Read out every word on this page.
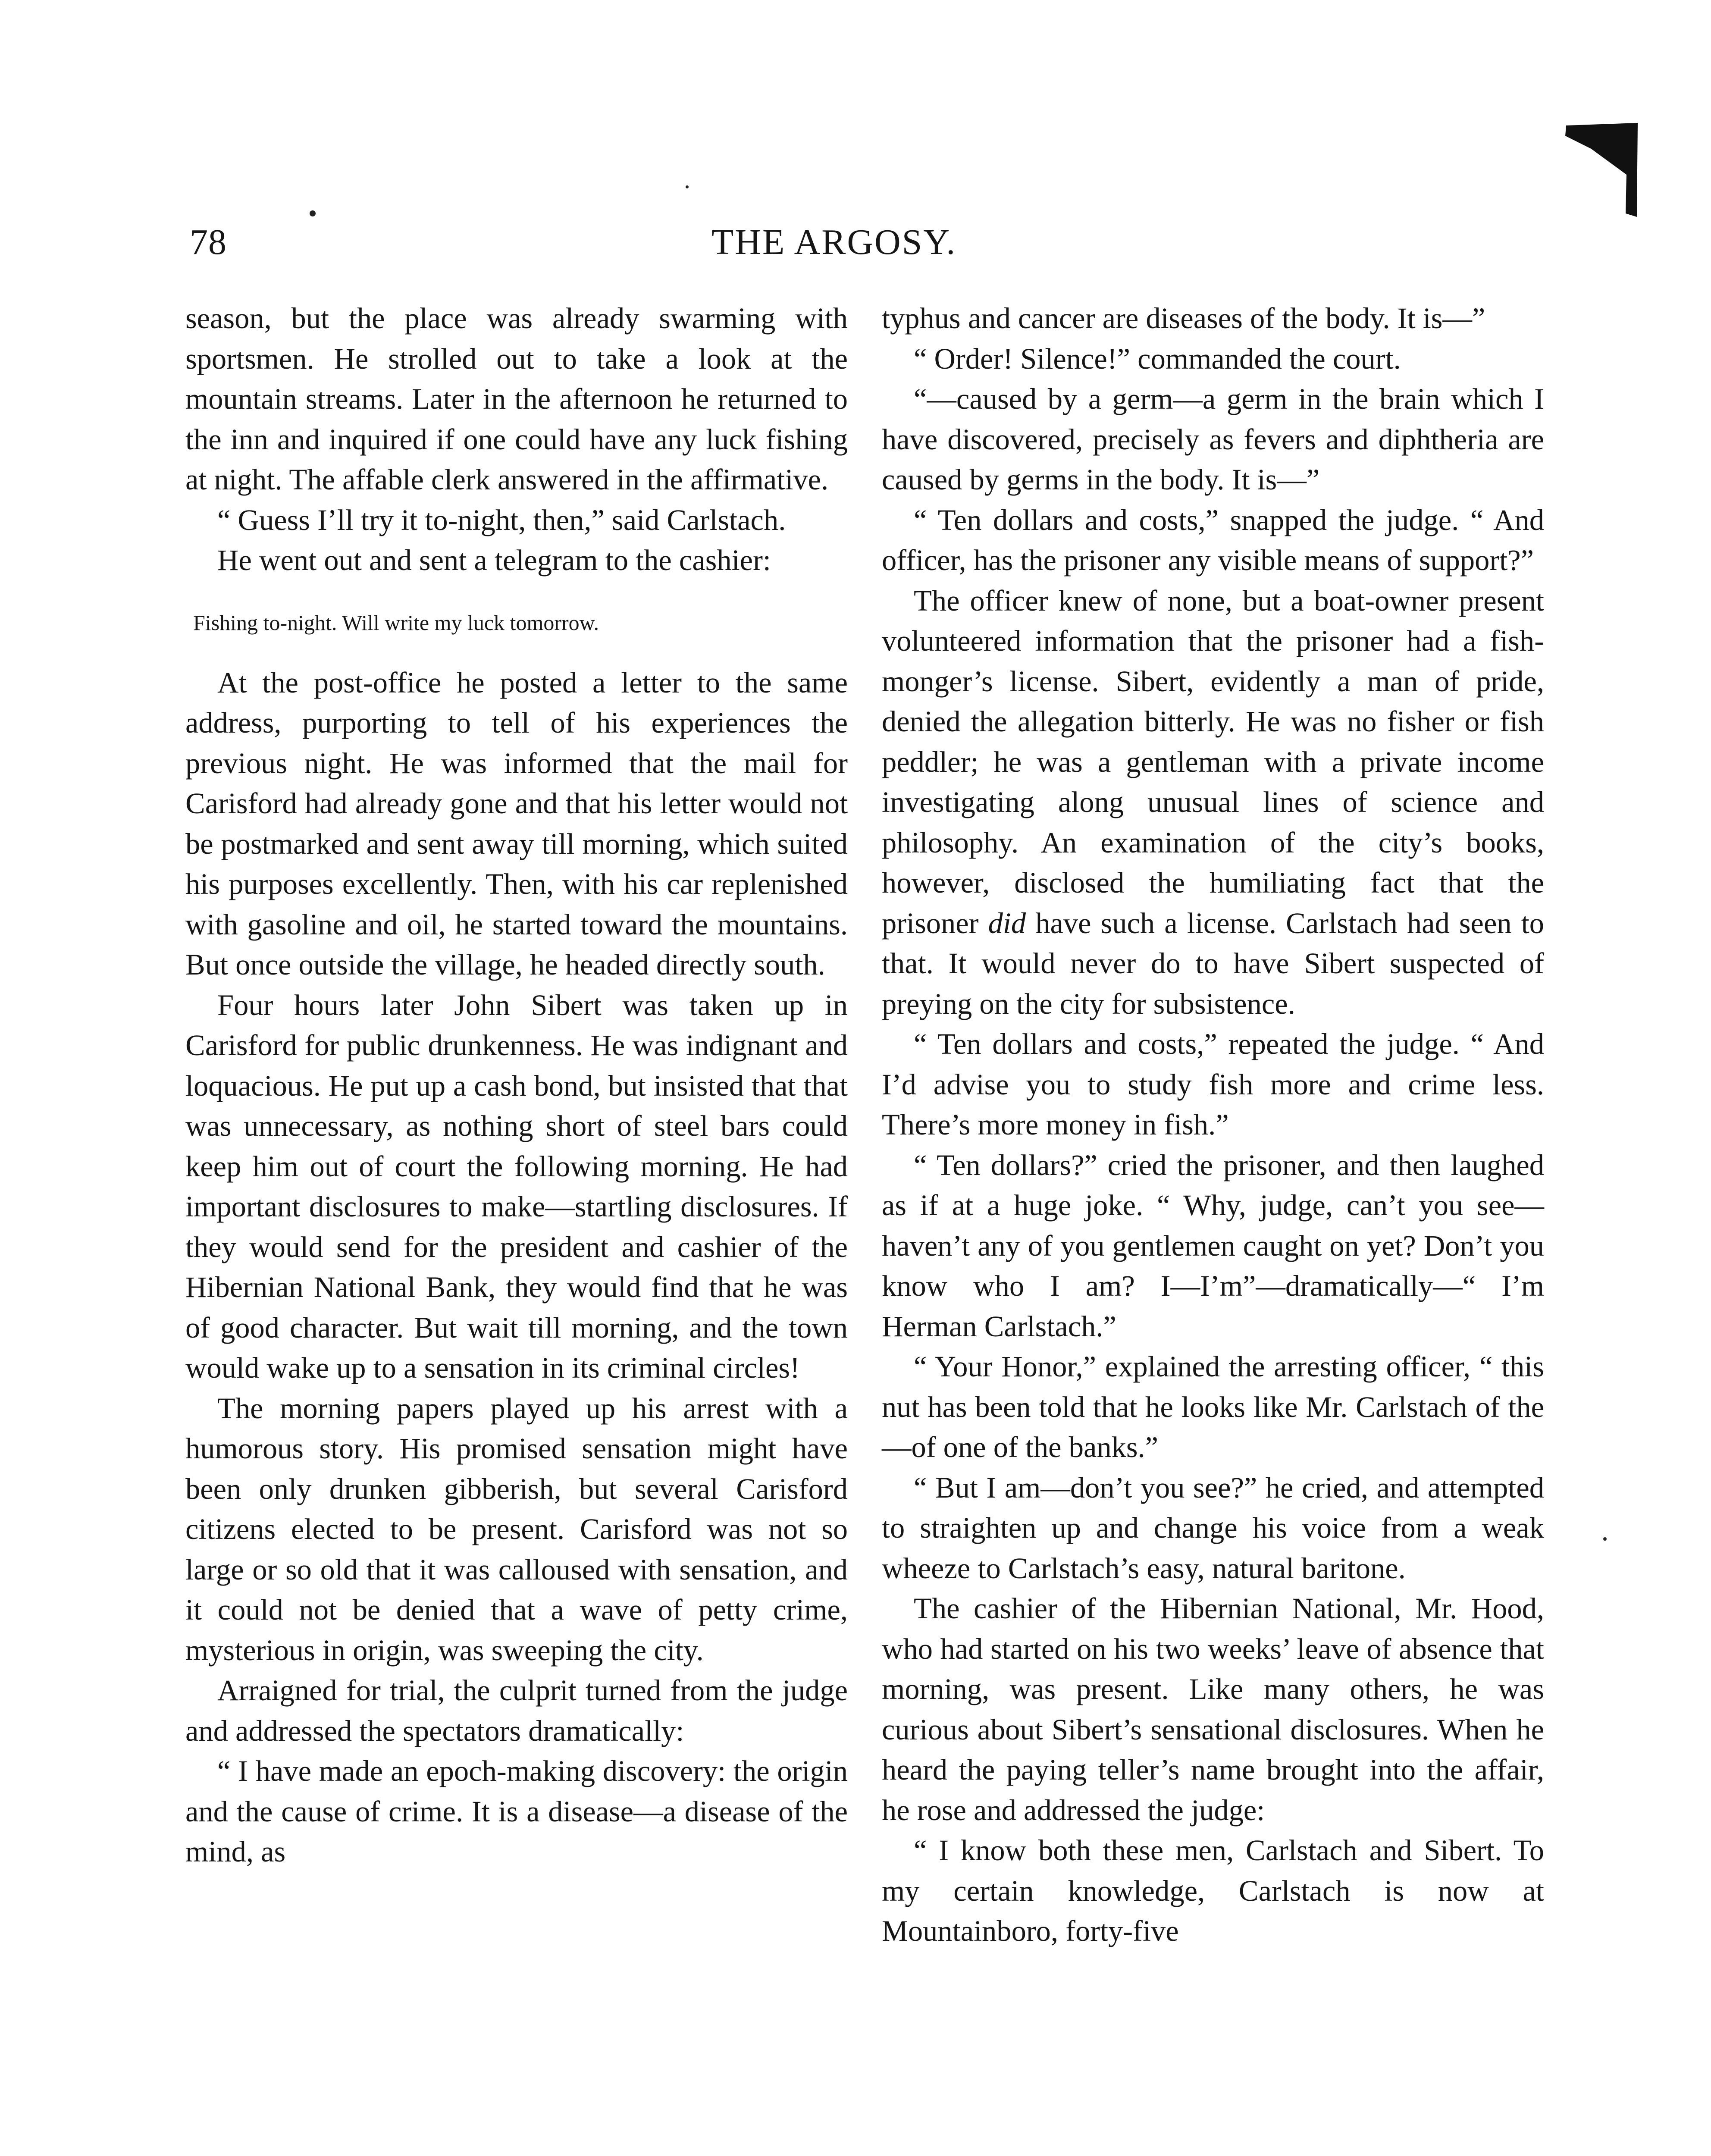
78	THE ARGOSY.

season, but the place was already swarming with sportsmen. He strolled out to take a look at the mountain streams. Later in the afternoon he returned to the inn and inquired if one could have any luck fishing at night. The affable clerk answered in the affirmative.

“ Guess I’ll try it to-night, then,” said Carlstach.

He went out and sent a telegram to the cashier:

Fishing to-night. Will write my luck tomorrow.

At the post-office he posted a letter to the same address, purporting to tell of his experiences the previous night. He was informed that the mail for Carisford had already gone and that his letter would not be postmarked and sent away till morning, which suited his purposes excellently. Then, with his car replenished with gasoline and oil, he started toward the mountains. But once outside the village, he headed directly south.

Four hours later John Sibert was taken up in Carisford for public drunkenness. He was indignant and loquacious. He put up a cash bond, but insisted that that was unnecessary, as nothing short of steel bars could keep him out of court the following morning. He had important disclosures to make—startling disclosures. If they would send for the president and cashier of the Hibernian National Bank, they would find that he was of good character. But wait till morning, and the town would wake up to a sensation in its criminal circles!

The morning papers played up his arrest with a humorous story. His promised sensation might have been only drunken gibberish, but several Carisford citizens elected to be present. Carisford was not so large or so old that it was calloused with sensation, and it could not be denied that a wave of petty crime, mysterious in origin, was sweeping the city.

Arraigned for trial, the culprit turned from the judge and addressed the spectators dramatically:

“ I have made an epoch-making discovery: the origin and the cause of crime. It is a disease—a disease of the mind, as

typhus and cancer are diseases of the body. It is—”

“ Order! Silence!” commanded the court.

“—caused by a germ—a germ in the brain which I have discovered, precisely as fevers and diphtheria are caused by germs in the body. It is—”

“ Ten dollars and costs,” snapped the judge. “ And officer, has the prisoner any visible means of support?”

The officer knew of none, but a boat-owner present volunteered information that the prisoner had a fish-monger’s license. Sibert, evidently a man of pride, denied the allegation bitterly. He was no fisher or fish peddler; he was a gentleman with a private income investigating along unusual lines of science and philosophy. An examination of the city’s books, however, disclosed the humiliating fact that the prisoner did have such a license. Carlstach had seen to that. It would never do to have Sibert suspected of preying on the city for subsistence.

“ Ten dollars and costs,” repeated the judge. “ And I’d advise you to study fish more and crime less. There’s more money in fish.”

“ Ten dollars?” cried the prisoner, and then laughed as if at a huge joke. “ Why, judge, can’t you see—haven’t any of you gentlemen caught on yet? Don’t you know who I am? I—I’m”—dramatically—“ I’m Herman Carlstach.”

“ Your Honor,” explained the arresting officer, “ this nut has been told that he looks like Mr. Carlstach of the—of one of the banks.”

“ But I am—don’t you see?” he cried, and attempted to straighten up and change his voice from a weak wheeze to Carlstach’s easy, natural baritone.

The cashier of the Hibernian National, Mr. Hood, who had started on his two weeks’ leave of absence that morning, was present. Like many others, he was curious about Sibert’s sensational disclosures. When he heard the paying teller’s name brought into the affair, he rose and addressed the judge:

“ I know both these men, Carlstach and Sibert. To my certain knowledge, Carlstach is now at Mountainboro, forty-five
